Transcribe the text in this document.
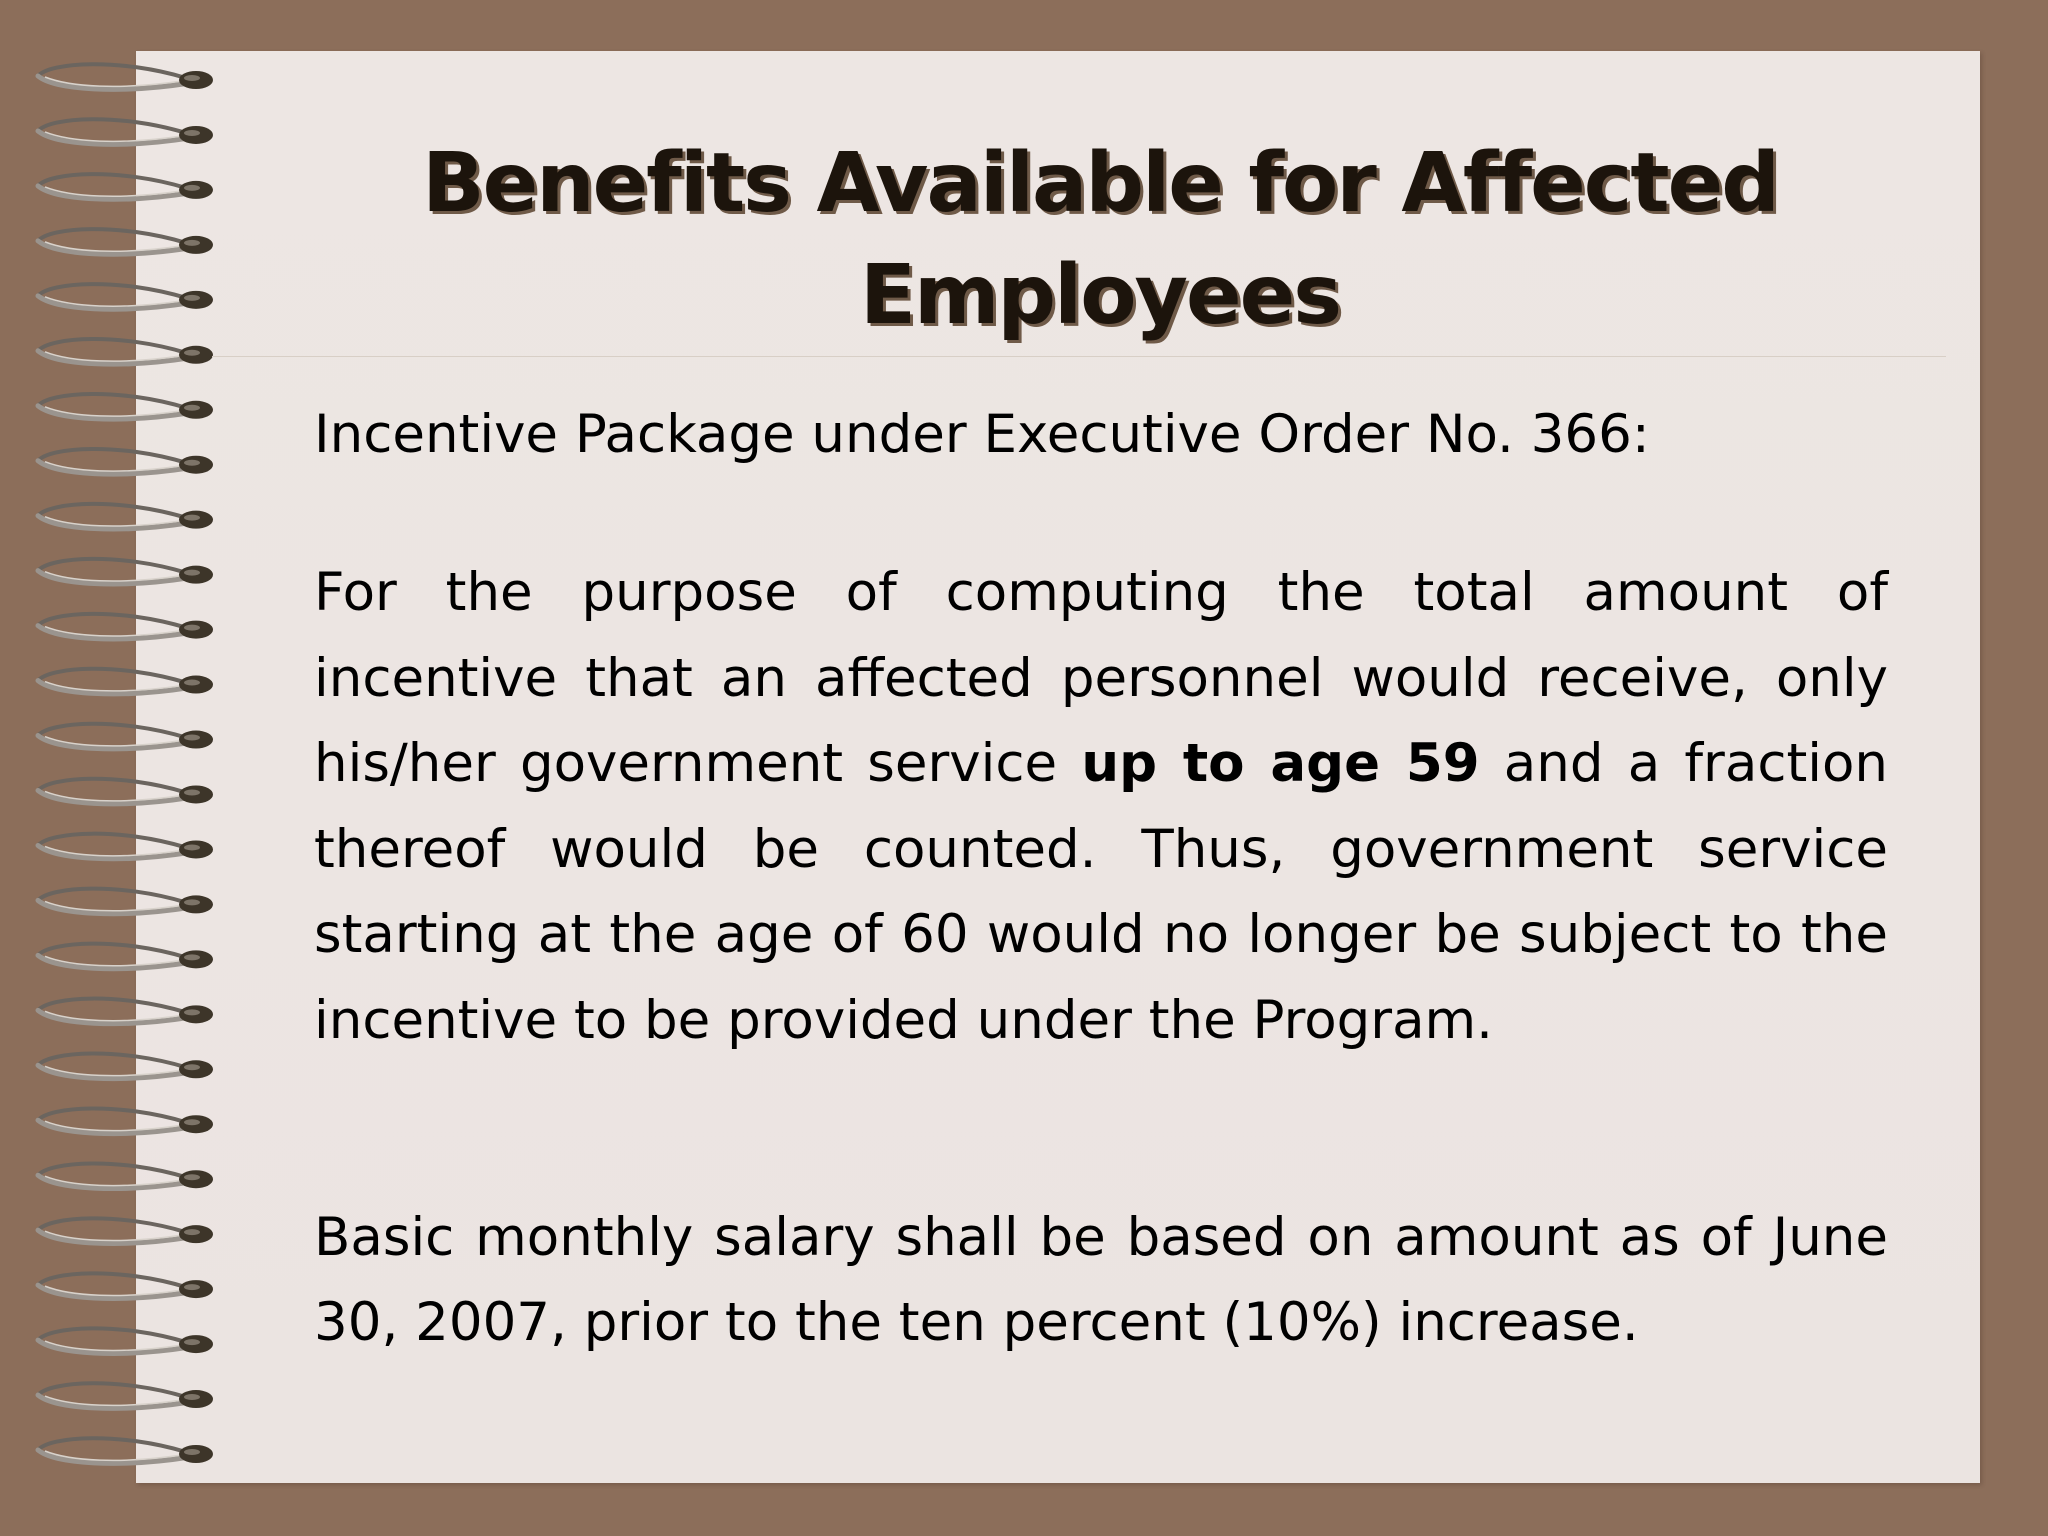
Benefits Available for Affected Employees
Incentive Package under Executive Order No. 366:

For the purpose of computing the total amount of incentive that an affected personnel would receive, only his/her government service up to age 59 and a fraction thereof would be counted. Thus, government service starting at the age of 60 would no longer be subject to the incentive to be provided under the Program.

Basic monthly salary shall be based on amount as of June 30, 2007, prior to the ten percent (10%) increase.
